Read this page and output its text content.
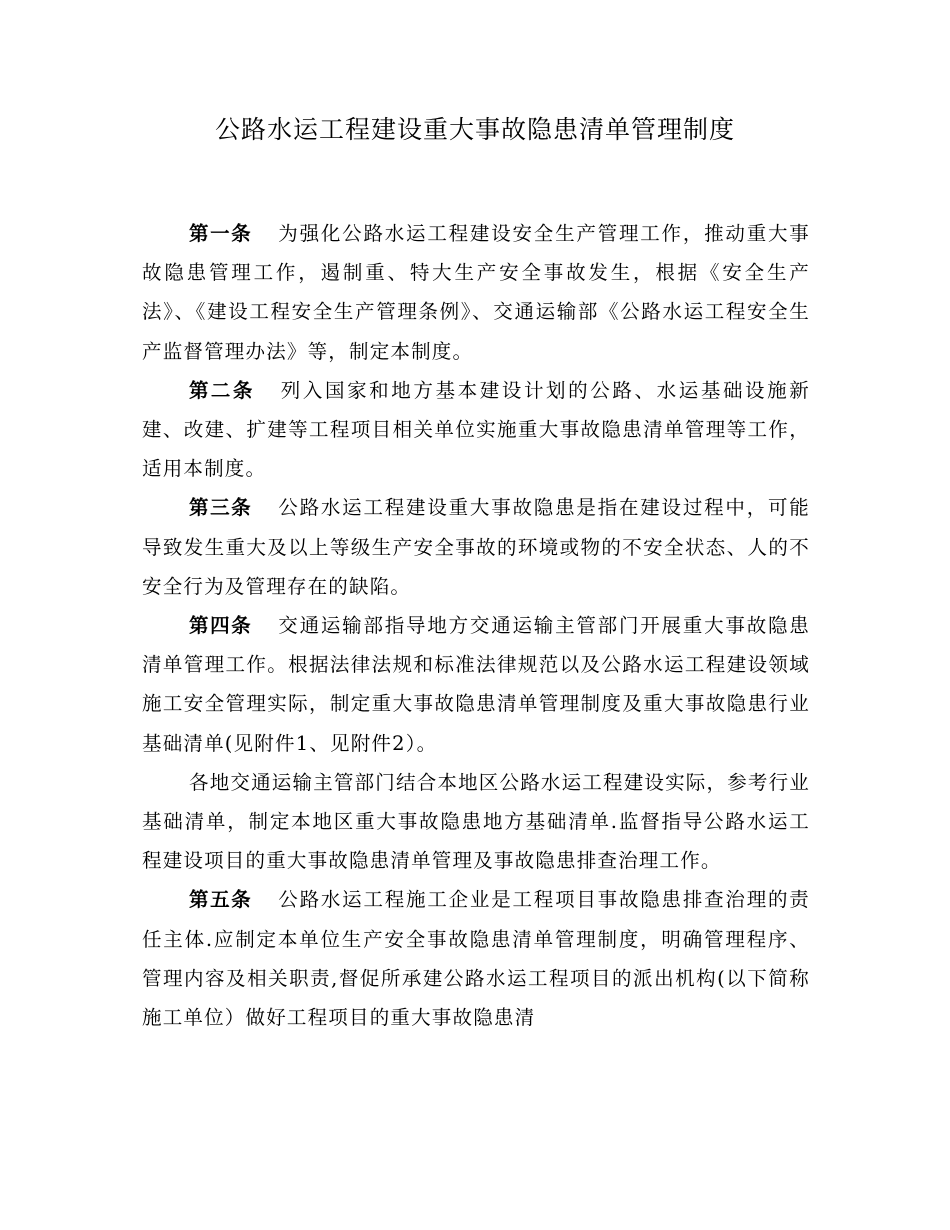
公路水运工程建设重大事故隐患清单管理制度

第一条 为强化公路水运工程建设安全生产管理工作，推动重大事故隐患管理工作，遏制重、特大生产安全事故发生，根据《安全生产法》、《建设工程安全生产管理条例》、交通运输部《公路水运工程安全生产监督管理办法》等，制定本制度。

第二条 列入国家和地方基本建设计划的公路、水运基础设施新建、改建、扩建等工程项目相关单位实施重大事故隐患清单管理等工作，适用本制度。

第三条 公路水运工程建设重大事故隐患是指在建设过程中，可能导致发生重大及以上等级生产安全事故的环境或物的不安全状态、人的不安全行为及管理存在的缺陷。

第四条 交通运输部指导地方交通运输主管部门开展重大事故隐患清单管理工作。根据法律法规和标准法律规范以及公路水运工程建设领域施工安全管理实际，制定重大事故隐患清单管理制度及重大事故隐患行业基础清单(见附件1、见附件2）。

各地交通运输主管部门结合本地区公路水运工程建设实际，参考行业基础清单，制定本地区重大事故隐患地方基础清单.监督指导公路水运工程建设项目的重大事故隐患清单管理及事故隐患排查治理工作。

第五条 公路水运工程施工企业是工程项目事故隐患排查治理的责任主体.应制定本单位生产安全事故隐患清单管理制度，明确管理程序、管理内容及相关职责,督促所承建公路水运工程项目的派出机构(以下简称施工单位）做好工程项目的重大事故隐患清
